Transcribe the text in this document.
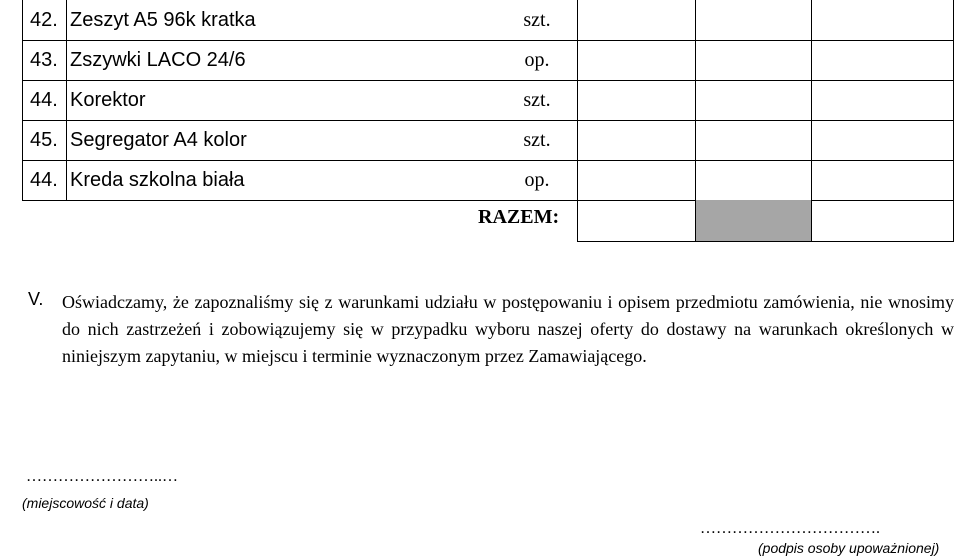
42. Zeszyt A5 96k kratka	szt.
43. Zszywki LACO 24/6	op.
44. Korektor	szt.
45. Segregator A4 kolor	szt.
44. Kreda szkolna biała	op.
RAZEM:
V. Oświadczamy, że zapoznaliśmy się z warunkami udziału w postępowaniu i opisem przedmiotu zamówienia, nie wnosimy do nich zastrzeżeń i zobowiązujemy się w przypadku wyboru naszej oferty do dostawy na warunkach określonych w niniejszym zapytaniu, w miejscu i terminie wyznaczonym przez Zamawiającego.
……………………..…
(miejscowość i data)
…………………………….
(podpis osoby upoważnionej)
